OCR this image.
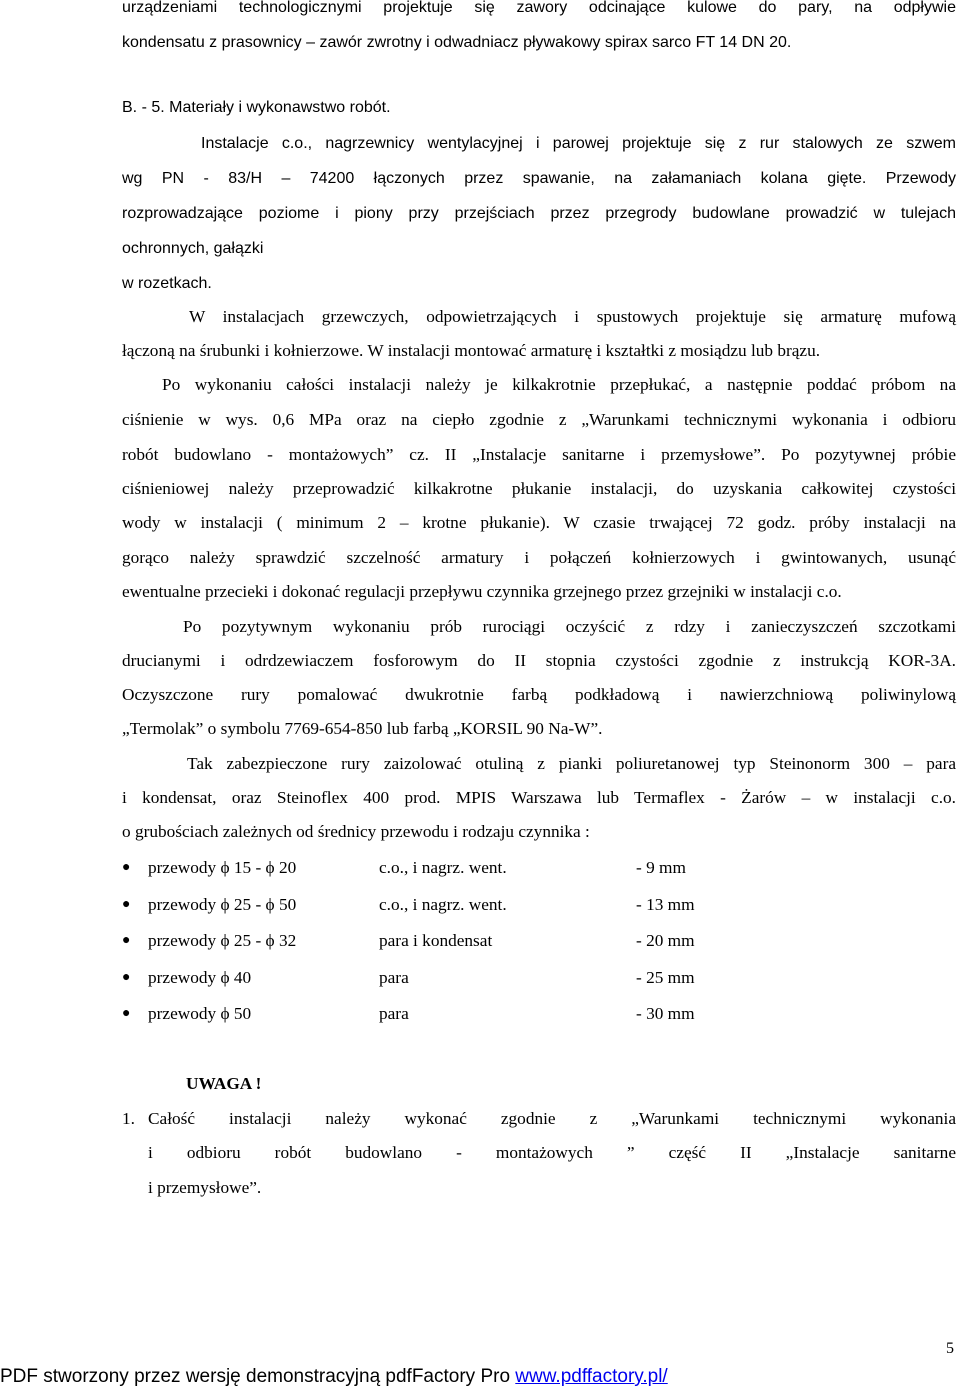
urządzeniami technologicznymi projektuje się zawory odcinające kulowe do pary, na odpływie
kondensatu z prasownicy – zawór zwrotny i odwadniacz pływakowy spirax sarco FT 14 DN 20.
B. - 5. Materiały i wykonawstwo robót.
Instalacje c.o., nagrzewnicy wentylacyjnej i parowej projektuje się z rur stalowych ze szwem
wg PN - 83/H – 74200 łączonych przez spawanie, na załamaniach kolana gięte. Przewody
rozprowadzające poziome i piony przy przejściach przez przegrody budowlane prowadzić w tulejach
ochronnych, gałązki
w rozetkach.
W instalacjach grzewczych, odpowietrzających i spustowych projektuje się armaturę mufową
łączoną na śrubunki i kołnierzowe. W instalacji montować armaturę i kształtki z mosiądzu lub brązu.
Po wykonaniu całości instalacji należy je kilkakrotnie przepłukać, a następnie poddać próbom na
ciśnienie w wys. 0,6 MPa oraz na ciepło zgodnie z „Warunkami technicznymi wykonania i odbioru
robót budowlano - montażowych” cz. II „Instalacje sanitarne i przemysłowe”. Po pozytywnej próbie
ciśnieniowej należy przeprowadzić kilkakrotne płukanie instalacji, do uzyskania całkowitej czystości
wody w instalacji ( minimum 2 – krotne płukanie). W czasie trwającej 72 godz. próby instalacji na
gorąco należy sprawdzić szczelność armatury i połączeń kołnierzowych i gwintowanych, usunąć
ewentualne przecieki i dokonać regulacji przepływu czynnika grzejnego przez grzejniki w instalacji c.o.
Po pozytywnym wykonaniu prób rurociągi oczyścić z rdzy i zanieczyszczeń szczotkami
drucianymi i odrdzewiaczem fosforowym do II stopnia czystości zgodnie z instrukcją KOR-3A.
Oczyszczone rury pomalować dwukrotnie farbą podkładową i nawierzchniową poliwinylową
„Termolak” o symbolu 7769-654-850 lub farbą „KORSIL 90 Na-W”.
Tak zabezpieczone rury zaizolować otuliną z pianki poliuretanowej typ Steinonorm 300 – para
i kondensat, oraz Steinoflex 400 prod. MPIS Warszawa lub Termaflex - Żarów – w instalacji c.o.
o grubościach zależnych od średnicy przewodu i rodzaju czynnika :
● przewody ϕ 15 - ϕ 20	c.o., i nagrz. went.	- 9 mm
● przewody ϕ 25 - ϕ 50	c.o., i nagrz. went.	- 13 mm
● przewody ϕ 25 - ϕ 32	para i kondensat	- 20 mm
● przewody ϕ 40	para	- 25 mm
● przewody ϕ 50	para	- 30 mm
UWAGA !
1. Całość instalacji należy wykonać zgodnie z „Warunkami technicznymi wykonania
i odbioru robót budowlano - montażowych ” część II „Instalacje sanitarne
i przemysłowe”.
5
PDF stworzony przez wersję demonstracyjną pdfFactory Pro www.pdffactory.pl/
